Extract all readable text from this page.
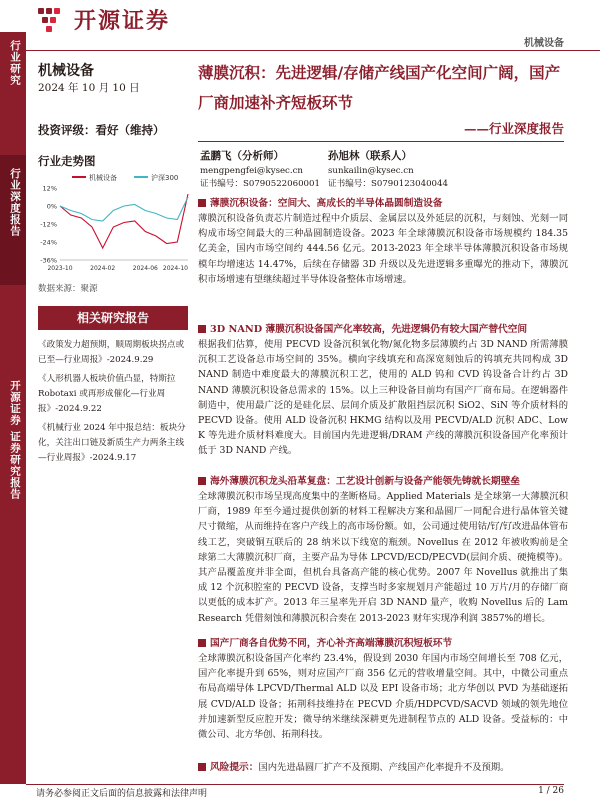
开源证券
机械设备
行业研究
行业深度报告
开源证券 证券研究报告
机械设备
2024 年 10 月 10 日
投资评级：看好（维持）
行业走势图
机械设备	沪深300
12%
0%
-12%
-24%
-36%
2023-10	2024-02	2024-06 2024-10
数据来源：聚源
相关研究报告
《政策发力超预期，顺周期板块拐点或已至—行业周报》-2024.9.29
《人形机器人板块价值凸显，特斯拉 Robotaxi 或再形成催化—行业周报》-2024.9.22
《机械行业 2024 年中报总结：板块分化，关注出口链及新质生产力两条主线—行业周报》-2024.9.17
薄膜沉积：先进逻辑/存储产线国产化空间广阔，国产厂商加速补齐短板环节
——行业深度报告
孟鹏飞（分析师）
mengpengfei@kysec.cn
证书编号：S0790522060001
孙旭林（联系人）
sunkailin@kysec.cn
证书编号：S0790123040044
薄膜沉积设备：空间大、高成长的半导体晶圆制造设备
薄膜沉积设备负责芯片制造过程中介质层、金属层以及外延层的沉积，与刻蚀、光刻一同构成市场空间最大的三种晶圆制造设备。2023 年全球薄膜沉积设备市场规模约 184.35 亿美金，国内市场空间约 444.56 亿元。2013-2023 年全球半导体薄膜沉积设备市场规模年均增速达 14.47%，后续在存储器 3D 升级以及先进逻辑多重曝光的推动下，薄膜沉积市场增速有望继续超过半导体设备整体市场增速。
3D NAND 薄膜沉积设备国产化率较高，先进逻辑仍有较大国产替代空间
根据我们估算，使用 PECVD 设备沉积氧化物/氮化物多层薄膜约占 3D NAND 所需薄膜沉积工艺设备总市场空间的 35%。横向字线填充和高深宽刻蚀后的钨填充共同构成 3D NAND 制造中难度最大的薄膜沉积工艺，使用的 ALD 钨和 CVD 钨设备合计约占 3D NAND 薄膜沉积设备总需求的 15%。以上三种设备目前均有国产厂商布局。在逻辑器件制造中，使用最广泛的是硅化层、层间介质及扩散阻挡层沉积 SiO2、SiN 等介质材料的 PECVD 设备。使用 ALD 设备沉积 HKMG 结构以及用 PECVD/ALD 沉积 ADC、Low K 等先进介质材料难度大。目前国内先进逻辑/DRAM 产线的薄膜沉积设备国产化率预计低于 3D NAND 产线。
海外薄膜沉积龙头沿革复盘：工艺设计创新与设备产能领先铸就长期壁垒
全球薄膜沉积市场呈现高度集中的垄断格局。Applied Materials 是全球第一大薄膜沉积厂商，1989 年至今通过提供创新的材料工程解决方案和晶圆厂一同配合进行晶体管关键尺寸微缩，从而维持在客户产线上的高市场份额。如，公司通过使用钴/钌/钌改进晶体管布线工艺，突破铜互联后的 28 纳米以下线宽的瓶颈。Novellus 在 2012 年被收购前是全球第二大薄膜沉积厂商，主要产品为导体 LPCVD/ECD/PECVD(层间介质、硬掩模等)。其产品覆盖度并非全面，但机台具备高产能的核心优势。2007 年 Novellus 就推出了集成 12 个沉积腔室的 PECVD 设备，支撑当时多家规划月产能超过 10 万片/月的存储厂商以更低的成本扩产。2013 年三星率先开启 3D NAND 量产，收购 Novellus 后的 Lam Research 凭借刻蚀和薄膜沉积合奏在 2013-2023 财年实现净利润 3857%的增长。
国产厂商各自优势不同，齐心补齐高端薄膜沉积短板环节
全球薄膜沉积设备国产化率约 23.4%，假设到 2030 年国内市场空间增长至 708 亿元，国产化率提升到 65%，则对应国产厂商 356 亿元的营收增量空间。其中，中微公司重点布局高端导体 LPCVD/Thermal ALD 以及 EPI 设备市场；北方华创以 PVD 为基础逐拓展 CVD/ALD 设备；拓荆科技维持在 PECVD 介质/HDPCVD/SACVD 领域的领先地位并加速新型反应腔开发；微导纳米继续深耕更先进制程节点的 ALD 设备。受益标的：中微公司、北方华创、拓荆科技。
风险提示： 国内先进晶圆厂扩产不及预期、产线国产化率提升不及预期。
请务必参阅正文后面的信息披露和法律声明	1 / 26
